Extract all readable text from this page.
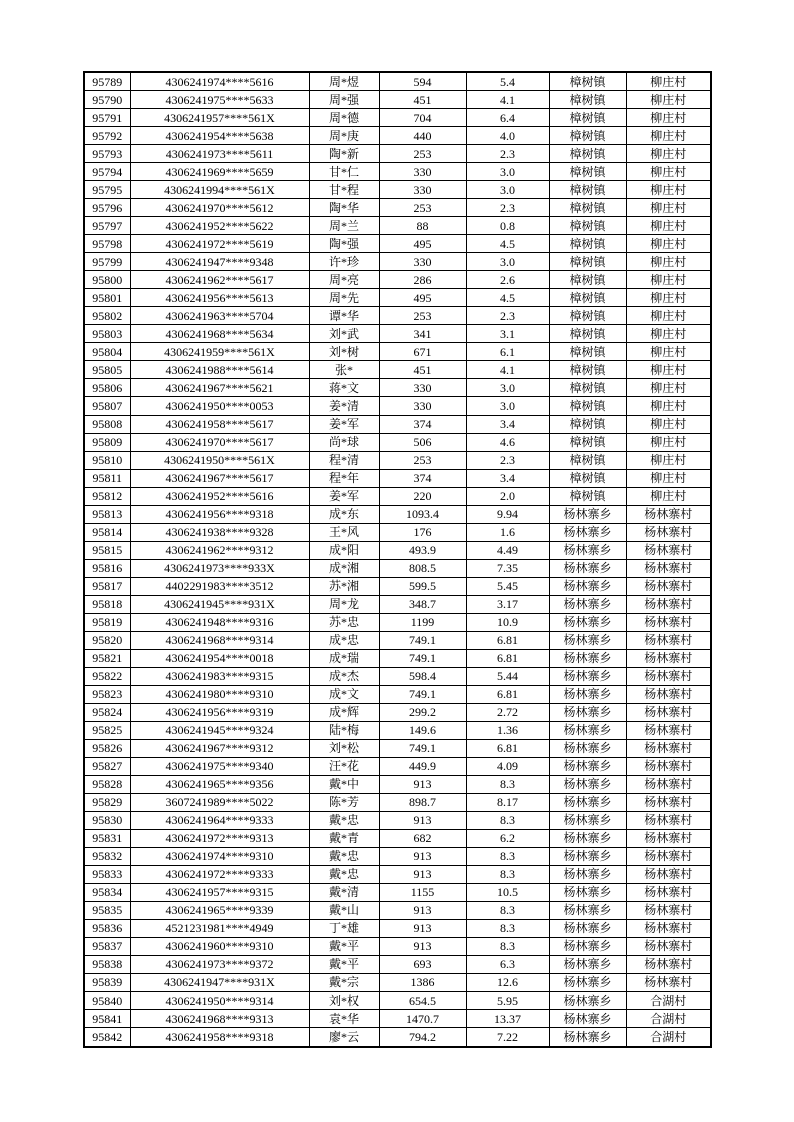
95789	4306241974****5616	周*煜	594	5.4	樟树镇	柳庄村
95790	4306241975****5633	周*强	451	4.1	樟树镇	柳庄村
95791	4306241957****561X	周*德	704	6.4	樟树镇	柳庄村
95792	4306241954****5638	周*庚	440	4.0	樟树镇	柳庄村
95793	4306241973****5611	陶*新	253	2.3	樟树镇	柳庄村
95794	4306241969****5659	甘*仁	330	3.0	樟树镇	柳庄村
95795	4306241994****561X	甘*程	330	3.0	樟树镇	柳庄村
95796	4306241970****5612	陶*华	253	2.3	樟树镇	柳庄村
95797	4306241952****5622	周*兰	88	0.8	樟树镇	柳庄村
95798	4306241972****5619	陶*强	495	4.5	樟树镇	柳庄村
95799	4306241947****9348	许*珍	330	3.0	樟树镇	柳庄村
95800	4306241962****5617	周*亮	286	2.6	樟树镇	柳庄村
95801	4306241956****5613	周*先	495	4.5	樟树镇	柳庄村
95802	4306241963****5704	谭*华	253	2.3	樟树镇	柳庄村
95803	4306241968****5634	刘*武	341	3.1	樟树镇	柳庄村
95804	4306241959****561X	刘*树	671	6.1	樟树镇	柳庄村
95805	4306241988****5614	张*	451	4.1	樟树镇	柳庄村
95806	4306241967****5621	蒋*文	330	3.0	樟树镇	柳庄村
95807	4306241950****0053	姜*清	330	3.0	樟树镇	柳庄村
95808	4306241958****5617	姜*军	374	3.4	樟树镇	柳庄村
95809	4306241970****5617	尚*球	506	4.6	樟树镇	柳庄村
95810	4306241950****561X	程*清	253	2.3	樟树镇	柳庄村
95811	4306241967****5617	程*年	374	3.4	樟树镇	柳庄村
95812	4306241952****5616	姜*军	220	2.0	樟树镇	柳庄村
95813	4306241956****9318	成*东	1093.4	9.94	杨林寨乡	杨林寨村
95814	4306241938****9328	王*风	176	1.6	杨林寨乡	杨林寨村
95815	4306241962****9312	成*阳	493.9	4.49	杨林寨乡	杨林寨村
95816	4306241973****933X	成*湘	808.5	7.35	杨林寨乡	杨林寨村
95817	4402291983****3512	苏*湘	599.5	5.45	杨林寨乡	杨林寨村
95818	4306241945****931X	周*龙	348.7	3.17	杨林寨乡	杨林寨村
95819	4306241948****9316	苏*忠	1199	10.9	杨林寨乡	杨林寨村
95820	4306241968****9314	成*忠	749.1	6.81	杨林寨乡	杨林寨村
95821	4306241954****0018	成*瑞	749.1	6.81	杨林寨乡	杨林寨村
95822	4306241983****9315	成*杰	598.4	5.44	杨林寨乡	杨林寨村
95823	4306241980****9310	成*文	749.1	6.81	杨林寨乡	杨林寨村
95824	4306241956****9319	成*辉	299.2	2.72	杨林寨乡	杨林寨村
95825	4306241945****9324	陆*梅	149.6	1.36	杨林寨乡	杨林寨村
95826	4306241967****9312	刘*松	749.1	6.81	杨林寨乡	杨林寨村
95827	4306241975****9340	汪*花	449.9	4.09	杨林寨乡	杨林寨村
95828	4306241965****9356	戴*中	913	8.3	杨林寨乡	杨林寨村
95829	3607241989****5022	陈*芳	898.7	8.17	杨林寨乡	杨林寨村
95830	4306241964****9333	戴*忠	913	8.3	杨林寨乡	杨林寨村
95831	4306241972****9313	戴*青	682	6.2	杨林寨乡	杨林寨村
95832	4306241974****9310	戴*忠	913	8.3	杨林寨乡	杨林寨村
95833	4306241972****9333	戴*忠	913	8.3	杨林寨乡	杨林寨村
95834	4306241957****9315	戴*清	1155	10.5	杨林寨乡	杨林寨村
95835	4306241965****9339	戴*山	913	8.3	杨林寨乡	杨林寨村
95836	4521231981****4949	丁*雄	913	8.3	杨林寨乡	杨林寨村
95837	4306241960****9310	戴*平	913	8.3	杨林寨乡	杨林寨村
95838	4306241973****9372	戴*平	693	6.3	杨林寨乡	杨林寨村
95839	4306241947****931X	戴*宗	1386	12.6	杨林寨乡	杨林寨村
95840	4306241950****9314	刘*权	654.5	5.95	杨林寨乡	合湖村
95841	4306241968****9313	袁*华	1470.7	13.37	杨林寨乡	合湖村
95842	4306241958****9318	廖*云	794.2	7.22	杨林寨乡	合湖村
